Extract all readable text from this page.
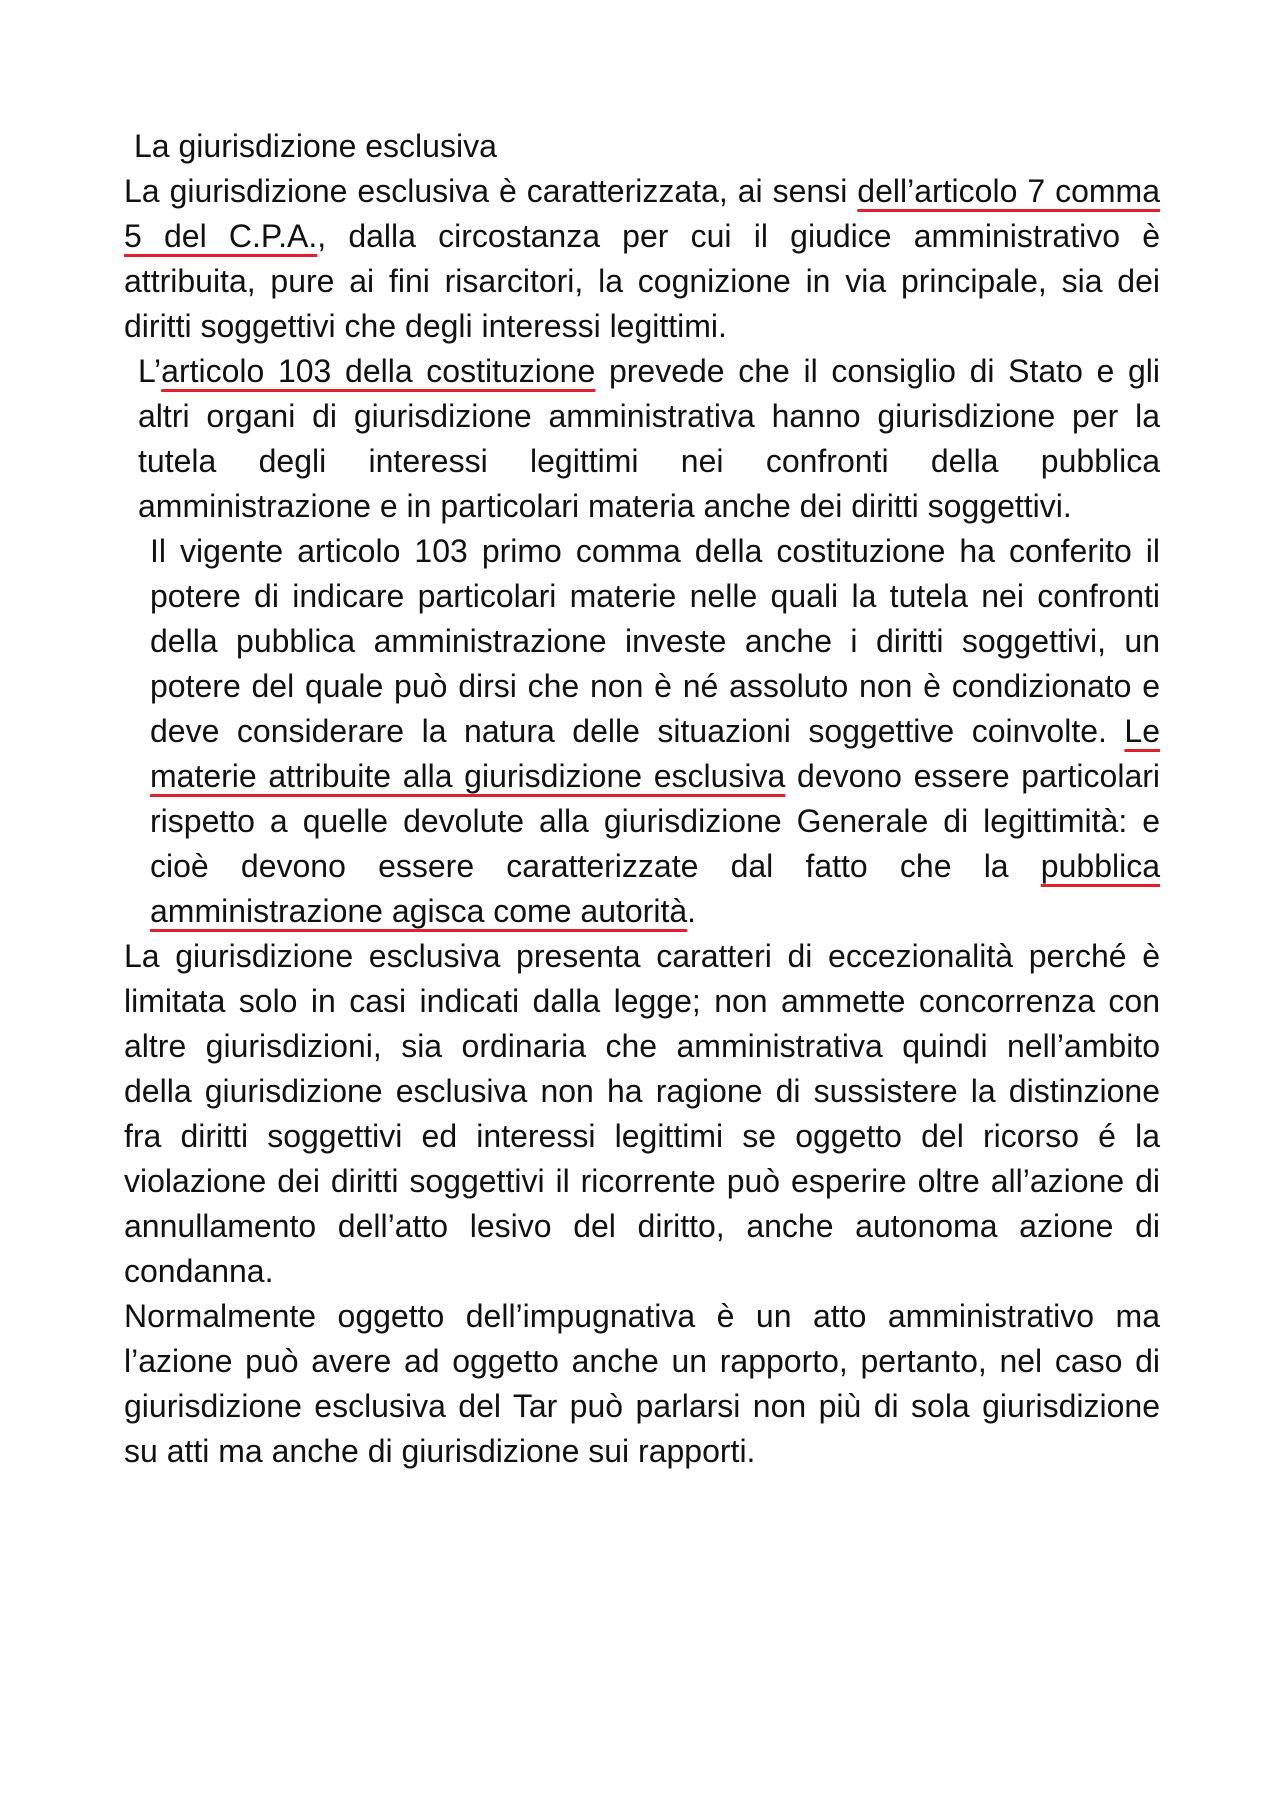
La giurisdizione esclusiva

La giurisdizione esclusiva è caratterizzata, ai sensi dell’articolo 7 comma 5 del C.P.A., dalla circostanza per cui il giudice amministrativo è attribuita, pure ai fini risarcitori, la cognizione in via principale, sia dei diritti soggettivi che degli interessi legittimi.

L’articolo 103 della costituzione prevede che il consiglio di Stato e gli altri organi di giurisdizione amministrativa hanno giurisdizione per la tutela degli interessi legittimi nei confronti della pubblica amministrazione e in particolari materia anche dei diritti soggettivi.

Il vigente articolo 103 primo comma della costituzione ha conferito il potere di indicare particolari materie nelle quali la tutela nei confronti della pubblica amministrazione investe anche i diritti soggettivi, un potere del quale può dirsi che non è né assoluto non è condizionato e deve considerare la natura delle situazioni soggettive coinvolte. Le materie attribuite alla giurisdizione esclusiva devono essere particolari rispetto a quelle devolute alla giurisdizione Generale di legittimità: e cioè devono essere caratterizzate dal fatto che la pubblica amministrazione agisca come autorità.

La giurisdizione esclusiva presenta caratteri di eccezionalità perché è limitata solo in casi indicati dalla legge; non ammette concorrenza con altre giurisdizioni, sia ordinaria che amministrativa quindi nell’ambito della giurisdizione esclusiva non ha ragione di sussistere la distinzione fra diritti soggettivi ed interessi legittimi se oggetto del ricorso é la violazione dei diritti soggettivi il ricorrente può esperire oltre all’azione di annullamento dell’atto lesivo del diritto, anche autonoma azione di condanna.

Normalmente oggetto dell’impugnativa è un atto amministrativo ma l’azione può avere ad oggetto anche un rapporto, pertanto, nel caso di giurisdizione esclusiva del Tar può parlarsi non più di sola giurisdizione su atti ma anche di giurisdizione sui rapporti.
